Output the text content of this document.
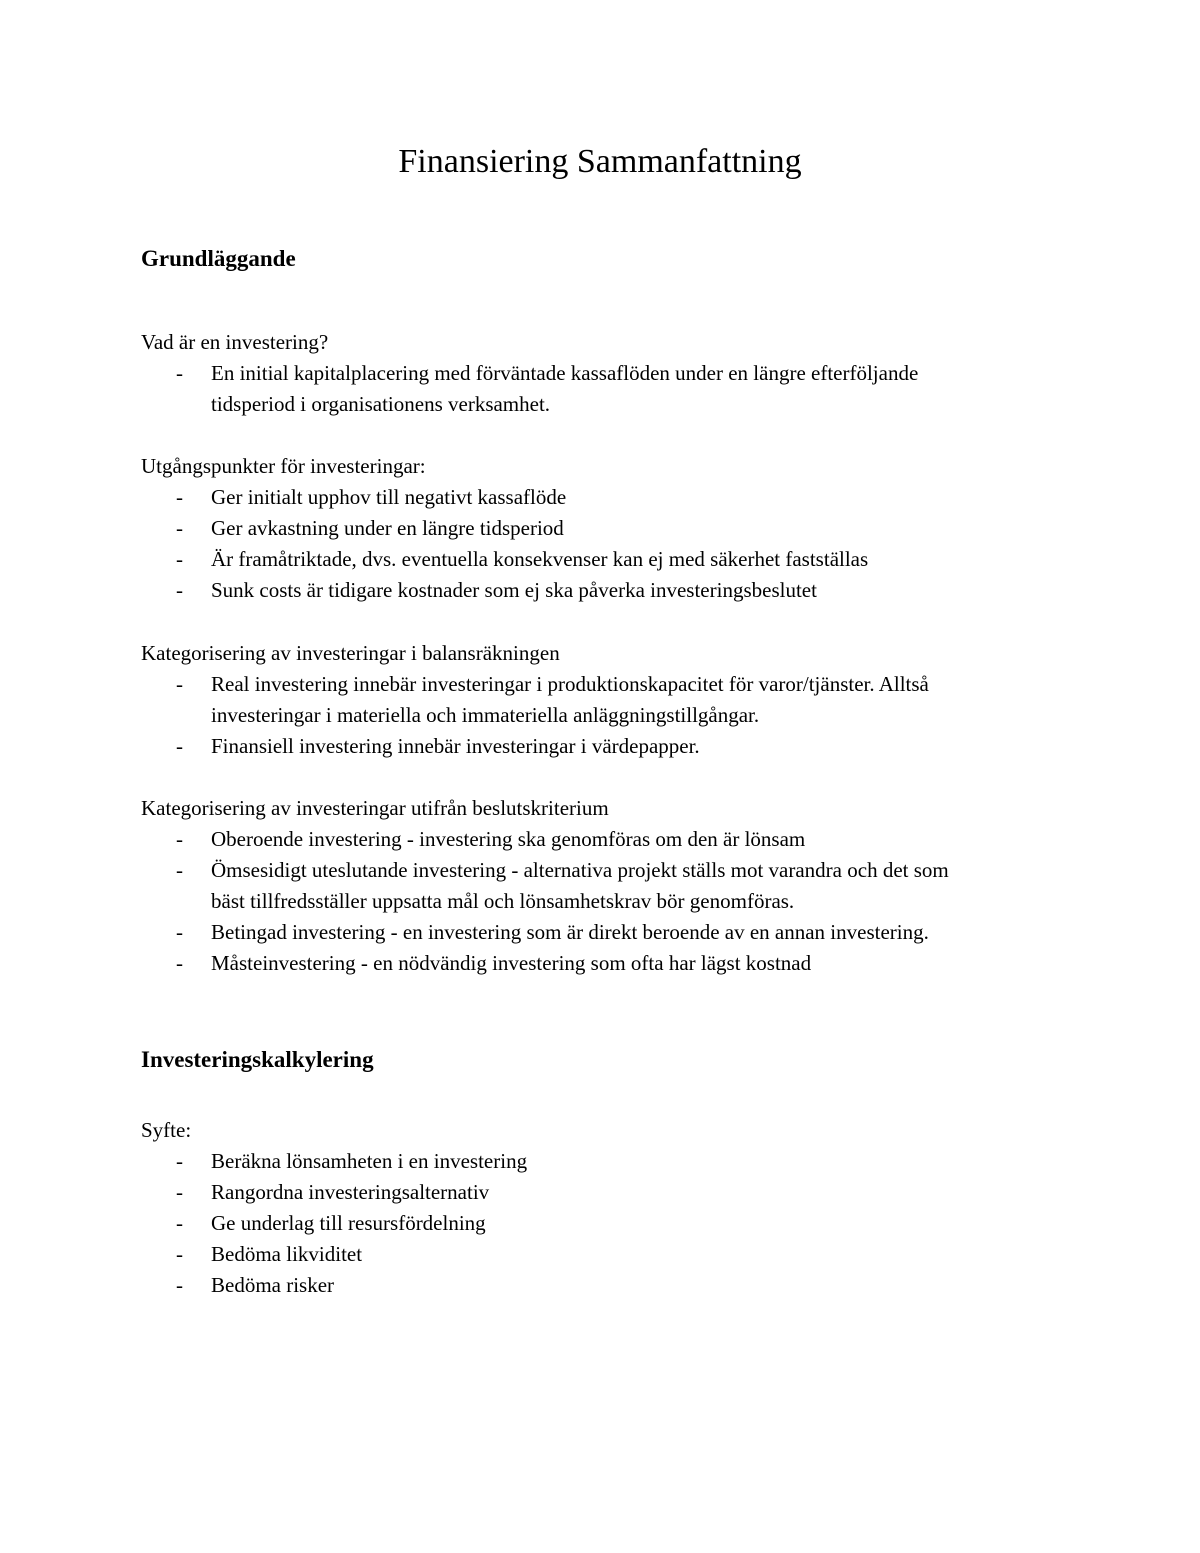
Finansiering Sammanfattning
Grundläggande

Vad är en investering?

- En initial kapitalplacering med förväntade kassaflöden under en längre efterföljande
tidsperiod i organisationens verksamhet.

Utgångspunkter för investeringar:

- Ger initialt upphov till negativt kassaflöde
- Ger avkastning under en längre tidsperiod
- Är framåtriktade, dvs. eventuella konsekvenser kan ej med säkerhet fastställas
- Sunk costs är tidigare kostnader som ej ska påverka investeringsbeslutet

Kategorisering av investeringar i balansräkningen

- Real investering innebär investeringar i produktionskapacitet för varor/tjänster. Alltså
investeringar i materiella och immateriella anläggningstillgångar.
- Finansiell investering innebär investeringar i värdepapper.

Kategorisering av investeringar utifrån beslutskriterium

- Oberoende investering - investering ska genomföras om den är lönsam
- Ömsesidigt uteslutande investering - alternativa projekt ställs mot varandra och det som
bäst tillfredsställer uppsatta mål och lönsamhetskrav bör genomföras.
- Betingad investering - en investering som är direkt beroende av en annan investering.
- Måsteinvestering - en nödvändig investering som ofta har lägst kostnad
Investeringskalkylering

Syfte:

- Beräkna lönsamheten i en investering
- Rangordna investeringsalternativ
- Ge underlag till resursfördelning
- Bedöma likviditet
- Bedöma risker
